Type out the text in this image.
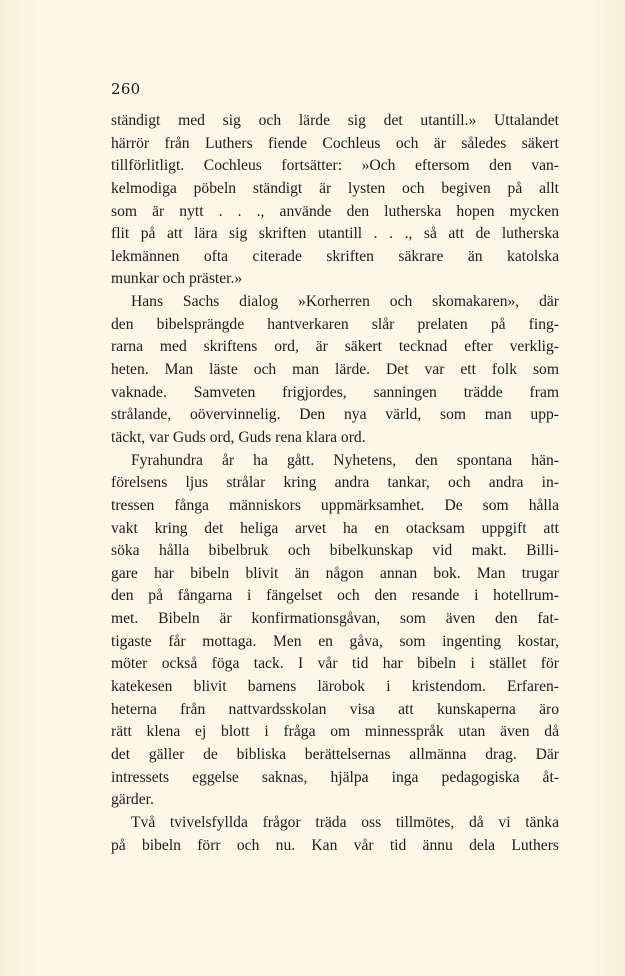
260
ständigt med sig och lärde sig det utantill.» Uttalandet
härrör från Luthers fiende Cochleus och är således säkert
tillförlitligt. Cochleus fortsätter: »Och eftersom den van-
kelmodiga pöbeln ständigt är lysten och begiven på allt
som är nytt . . ., använde den lutherska hopen mycken
flit på att lära sig skriften utantill . . ., så att de lutherska
lekmännen ofta citerade skriften säkrare än katolska
munkar och präster.»
Hans Sachs dialog »Korherren och skomakaren», där
den bibelsprängde hantverkaren slår prelaten på fing-
rarna med skriftens ord, är säkert tecknad efter verklig-
heten. Man läste och man lärde. Det var ett folk som
vaknade. Samveten frigjordes, sanningen trädde fram
strålande, oövervinnelig. Den nya värld, som man upp-
täckt, var Guds ord, Guds rena klara ord.
Fyrahundra år ha gått. Nyhetens, den spontana hän-
förelsens ljus strålar kring andra tankar, och andra in-
tressen fånga människors uppmärksamhet. De som hålla
vakt kring det heliga arvet ha en otacksam uppgift att
söka hålla bibelbruk och bibelkunskap vid makt. Billi-
gare har bibeln blivit än någon annan bok. Man trugar
den på fångarna i fängelset och den resande i hotellrum-
met. Bibeln är konfirmationsgåvan, som även den fat-
tigaste får mottaga. Men en gåva, som ingenting kostar,
möter också föga tack. I vår tid har bibeln i stället för
katekesen blivit barnens lärobok i kristendom. Erfaren-
heterna från nattvardsskolan visa att kunskaperna äro
rätt klena ej blott i fråga om minnesspråk utan även då
det gäller de bibliska berättelsernas allmänna drag. Där
intressets eggelse saknas, hjälpa inga pedagogiska åt-
gärder.
Två tvivelsfyllda frågor träda oss tillmötes, då vi tänka
på bibeln förr och nu. Kan vår tid ännu dela Luthers
